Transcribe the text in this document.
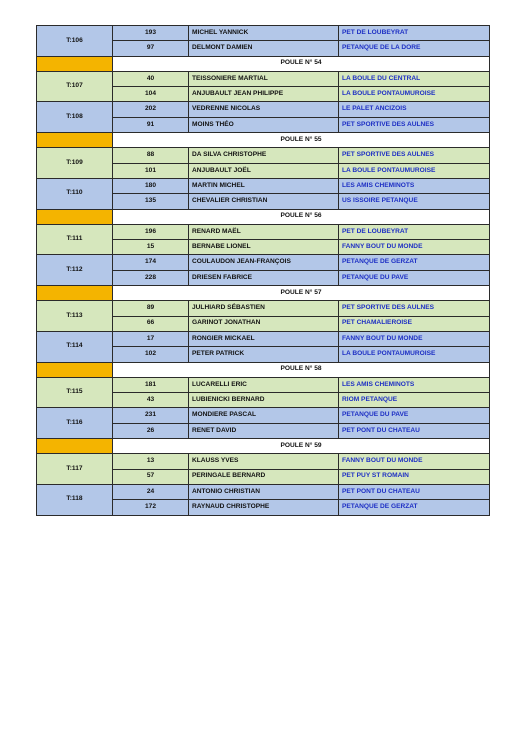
T:106	193	MICHEL YANNICK	PET DE LOUBEYRAT
	97	DELMONT DAMIEN	PETANQUE DE LA DORE
	POULE N° 54		
T:107	40	TEISSONIERE MARTIAL	LA BOULE DU CENTRAL
	104	ANJUBAULT JEAN PHILIPPE	LA BOULE PONTAUMUROISE
T:108	202	VEDRENNE NICOLAS	LE PALET ANCIZOIS
	91	MOINS THÉO	PET SPORTIVE DES AULNES
	POULE N° 55		
T:109	88	DA SILVA CHRISTOPHE	PET SPORTIVE DES AULNES
	101	ANJUBAULT JOËL	LA BOULE PONTAUMUROISE
T:110	180	MARTIN MICHEL	LES AMIS CHEMINOTS
	135	CHEVALIER CHRISTIAN	US ISSOIRE PETANQUE
	POULE N° 56		
T:111	196	RENARD MAËL	PET DE LOUBEYRAT
	15	BERNABE LIONEL	FANNY BOUT DU MONDE
T:112	174	COULAUDON JEAN-FRANÇOIS	PETANQUE DE GERZAT
	228	DRIESEN FABRICE	PETANQUE DU PAVE
	POULE N° 57		
T:113	89	JULHIARD SÉBASTIEN	PET SPORTIVE DES AULNES
	66	GARINOT JONATHAN	PET CHAMALIEROISE
T:114	17	RONGIER MICKAEL	FANNY BOUT DU MONDE
	102	PETER PATRICK	LA BOULE PONTAUMUROISE
	POULE N° 58		
T:115	181	LUCARELLI ERIC	LES AMIS CHEMINOTS
	43	LUBIENICKI BERNARD	RIOM PETANQUE
T:116	231	MONDIERE PASCAL	PETANQUE DU PAVE
	26	RENET DAVID	PET PONT DU CHATEAU
	POULE N° 59		
T:117	13	KLAUSS YVES	FANNY BOUT DU MONDE
	57	PERINGALE BERNARD	PET PUY ST ROMAIN
T:118	24	ANTONIO CHRISTIAN	PET PONT DU CHATEAU
	172	RAYNAUD CHRISTOPHE	PETANQUE DE GERZAT
